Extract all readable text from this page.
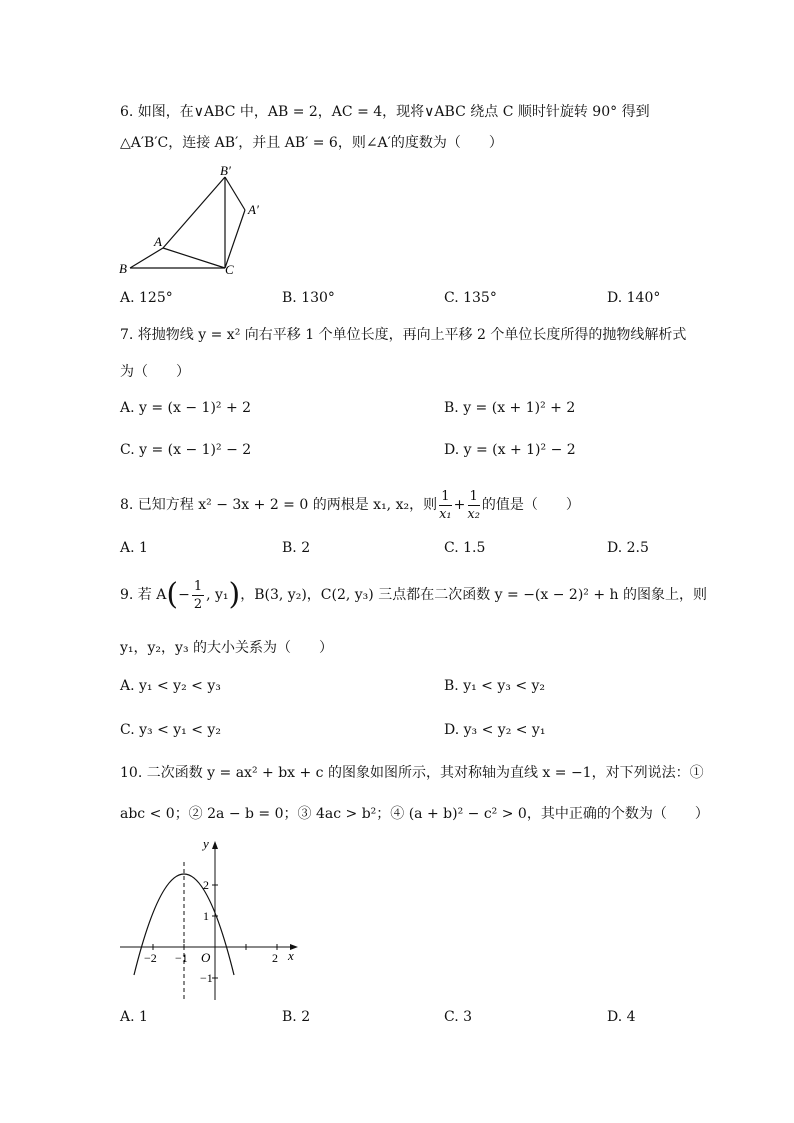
6. 如图，在∨ABC 中，AB = 2，AC = 4，现将∨ABC 绕点 C 顺时针旋转 90° 得到
△A′B′C，连接 AB′，并且 AB′ = 6，则∠A′的度数为（　　）
B′
A′
A
B	C
A. 125°	B. 130°	C. 135°	D. 140°
7. 将抛物线 y = x² 向右平移 1 个单位长度，再向上平移 2 个单位长度所得的抛物线解析式
为（　　）
A. y = (x − 1)² + 2	B. y = (x + 1)² + 2
C. y = (x − 1)² − 2	D. y = (x + 1)² − 2
8. 已知方程 x² − 3x + 2 = 0 的两根是 x₁, x₂，则 $\frac{1}{\text{x₁}} + \frac{1}{\text{x₂}}$ 的值是（　　）
A. 1	B. 2	C. 1.5	D. 2.5
9. 若 A ( − $\frac{1}{2}$ , y₁ ) ，B(3, y₂)，C(2, y₃) 三点都在二次函数 y = −(x − 2)² + h 的图象上，则
y₁，y₂，y₃ 的大小关系为（　　）
A. y₁ < y₂ < y₃	B. y₁ < y₃ < y₂
C. y₃ < y₁ < y₂	D. y₃ < y₂ < y₁
10. 二次函数 y = ax² + bx + c 的图象如图所示，其对称轴为直线 x = −1，对下列说法：①
abc < 0；② 2a − b = 0；③ 4ac > b²；④ (a + b)² − c² > 0，其中正确的个数为（　　）
y
x
O
−2 −1	2
2
1
−1
A. 1	B. 2	C. 3	D. 4
